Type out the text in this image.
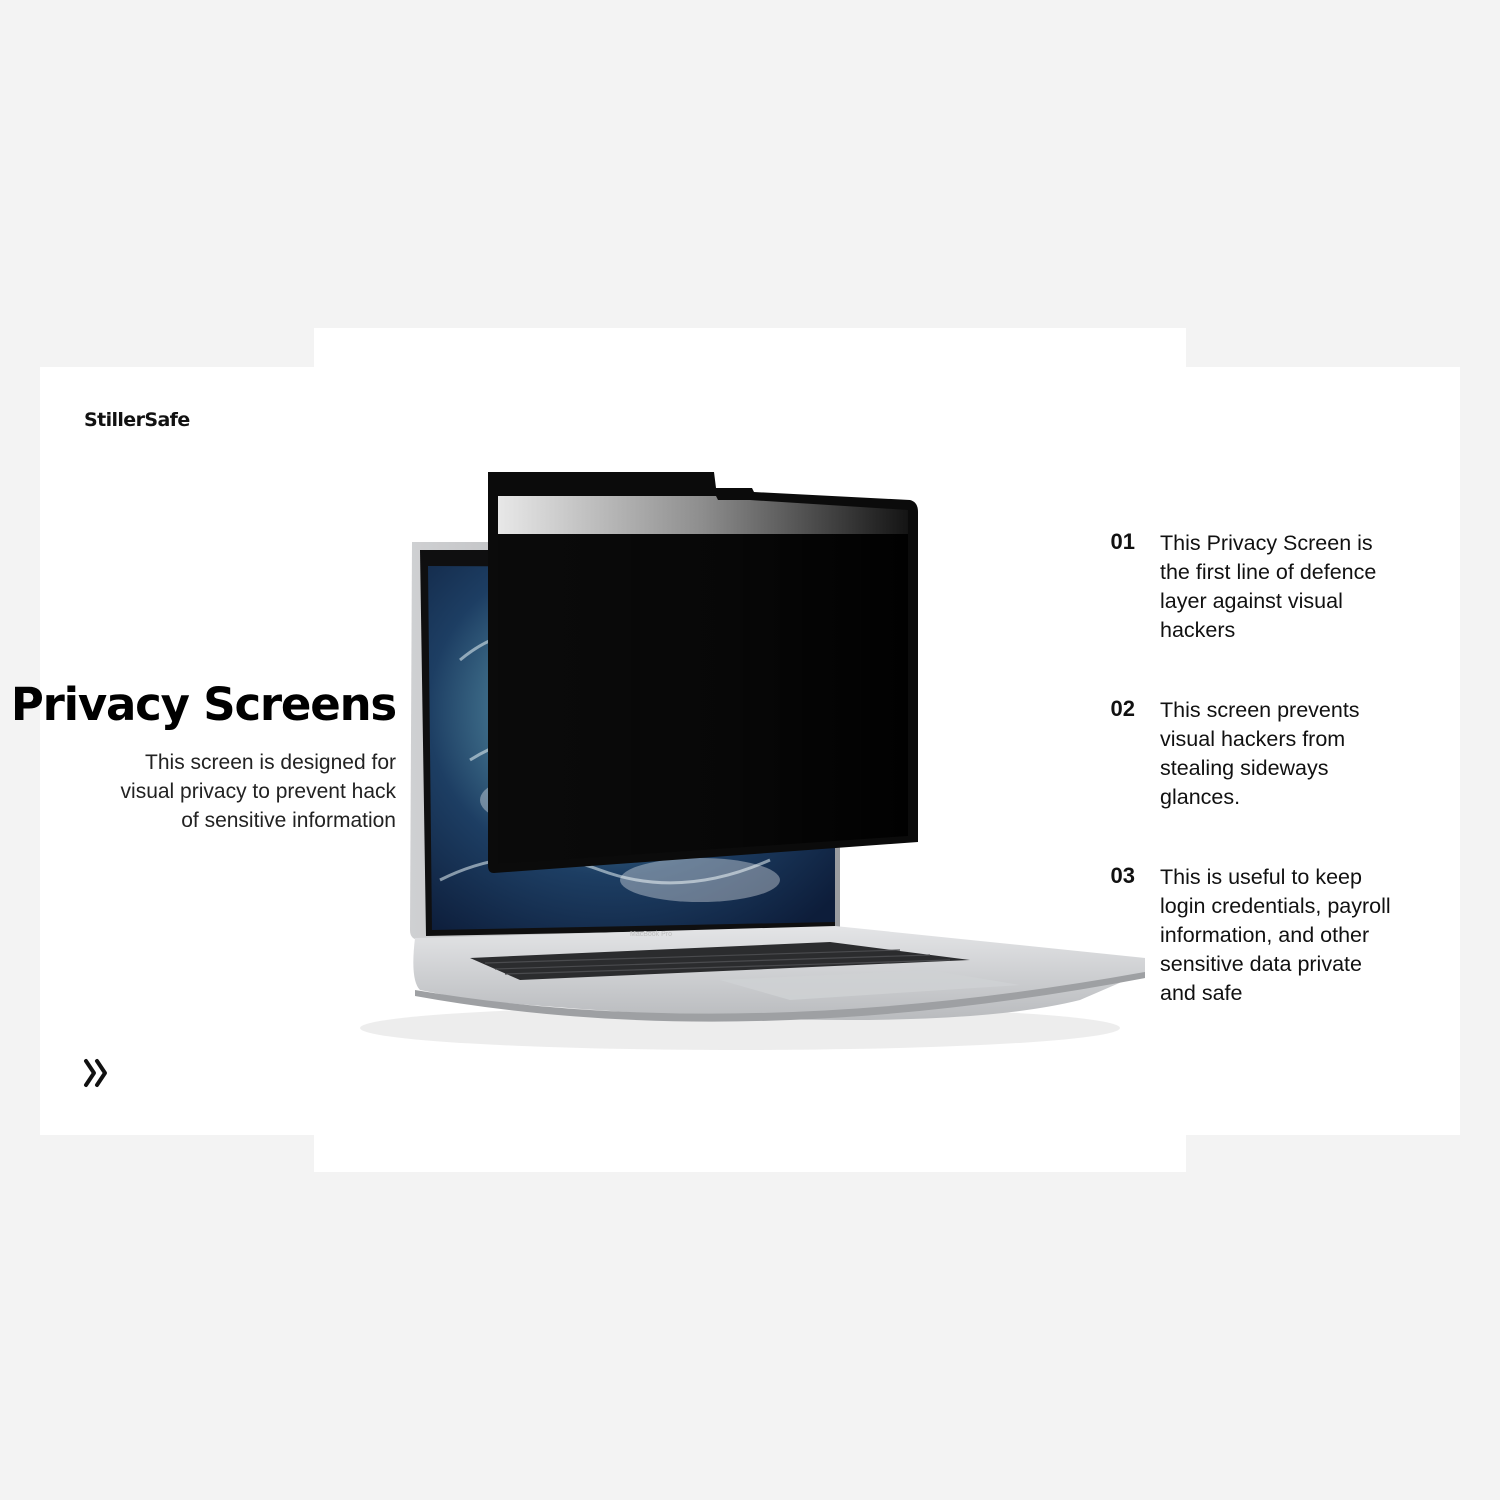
StillerSafe
Privacy Screens

This screen is designed for
visual privacy to prevent hack
of sensitive information

MacBook Pro
01 This Privacy Screen is
the first line of defence
layer against visual
hackers
02 This screen prevents
visual hackers from
stealing sideways
glances.
03 This is useful to keep
login credentials, payroll
information, and other
sensitive data private
and safe
